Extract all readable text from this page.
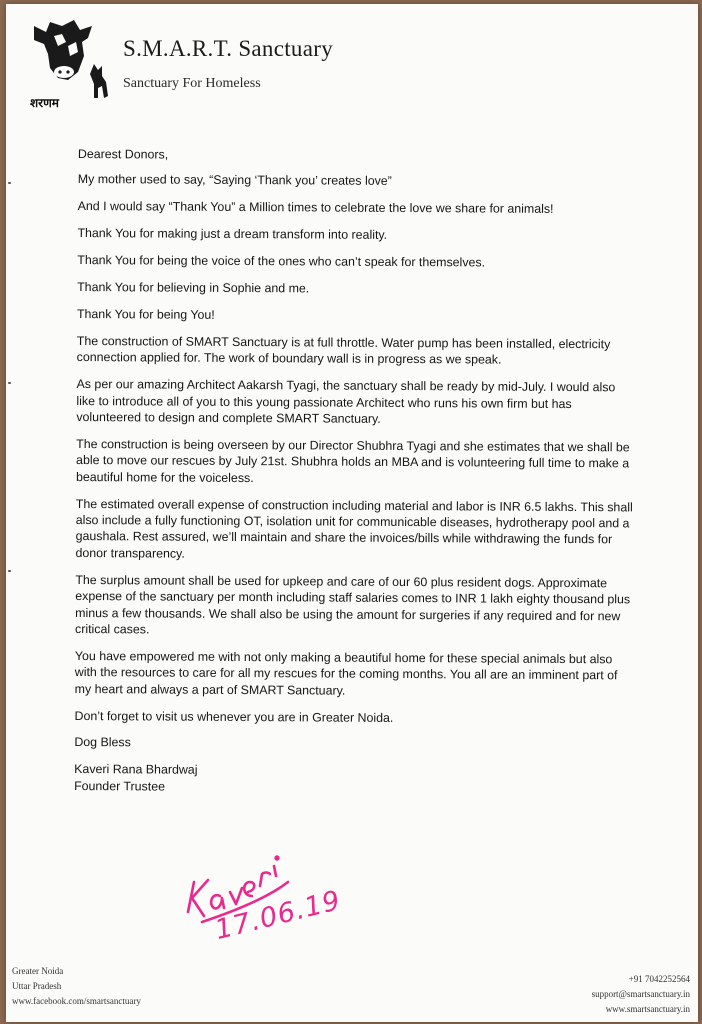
शरणम
S.M.A.R.T. Sanctuary
Sanctuary For Homeless

Dearest Donors,

My mother used to say, “Saying ‘Thank you’ creates love”

And I would say “Thank You” a Million times to celebrate the love we share for animals!

Thank You for making just a dream transform into reality.

Thank You for being the voice of the ones who can’t speak for themselves.

Thank You for believing in Sophie and me.

Thank You for being You!

The construction of SMART Sanctuary is at full throttle. Water pump has been installed, electricity connection applied for. The work of boundary wall is in progress as we speak.

As per our amazing Architect Aakarsh Tyagi, the sanctuary shall be ready by mid-July. I would also like to introduce all of you to this young passionate Architect who runs his own firm but has volunteered to design and complete SMART Sanctuary.

The construction is being overseen by our Director Shubhra Tyagi and she estimates that we shall be able to move our rescues by July 21st. Shubhra holds an MBA and is volunteering full time to make a beautiful home for the voiceless.

The estimated overall expense of construction including material and labor is INR 6.5 lakhs. This shall also include a fully functioning OT, isolation unit for communicable diseases, hydrotherapy pool and a gaushala. Rest assured, we’ll maintain and share the invoices/bills while withdrawing the funds for donor transparency.

The surplus amount shall be used for upkeep and care of our 60 plus resident dogs. Approximate expense of the sanctuary per month including staff salaries comes to INR 1 lakh eighty thousand plus minus a few thousands. We shall also be using the amount for surgeries if any required and for new critical cases.

You have empowered me with not only making a beautiful home for these special animals but also with the resources to care for all my rescues for the coming months. You all are an imminent part of my heart and always a part of SMART Sanctuary.

Don’t forget to visit us whenever you are in Greater Noida.

Dog Bless

Kaveri Rana Bhardwaj

Founder Trustee

17.06.19
Greater Noida
Uttar Pradesh
www.facebook.com/smartsanctuary
+91 7042252564
support@smartsanctuary.in
www.smartsanctuary.in
